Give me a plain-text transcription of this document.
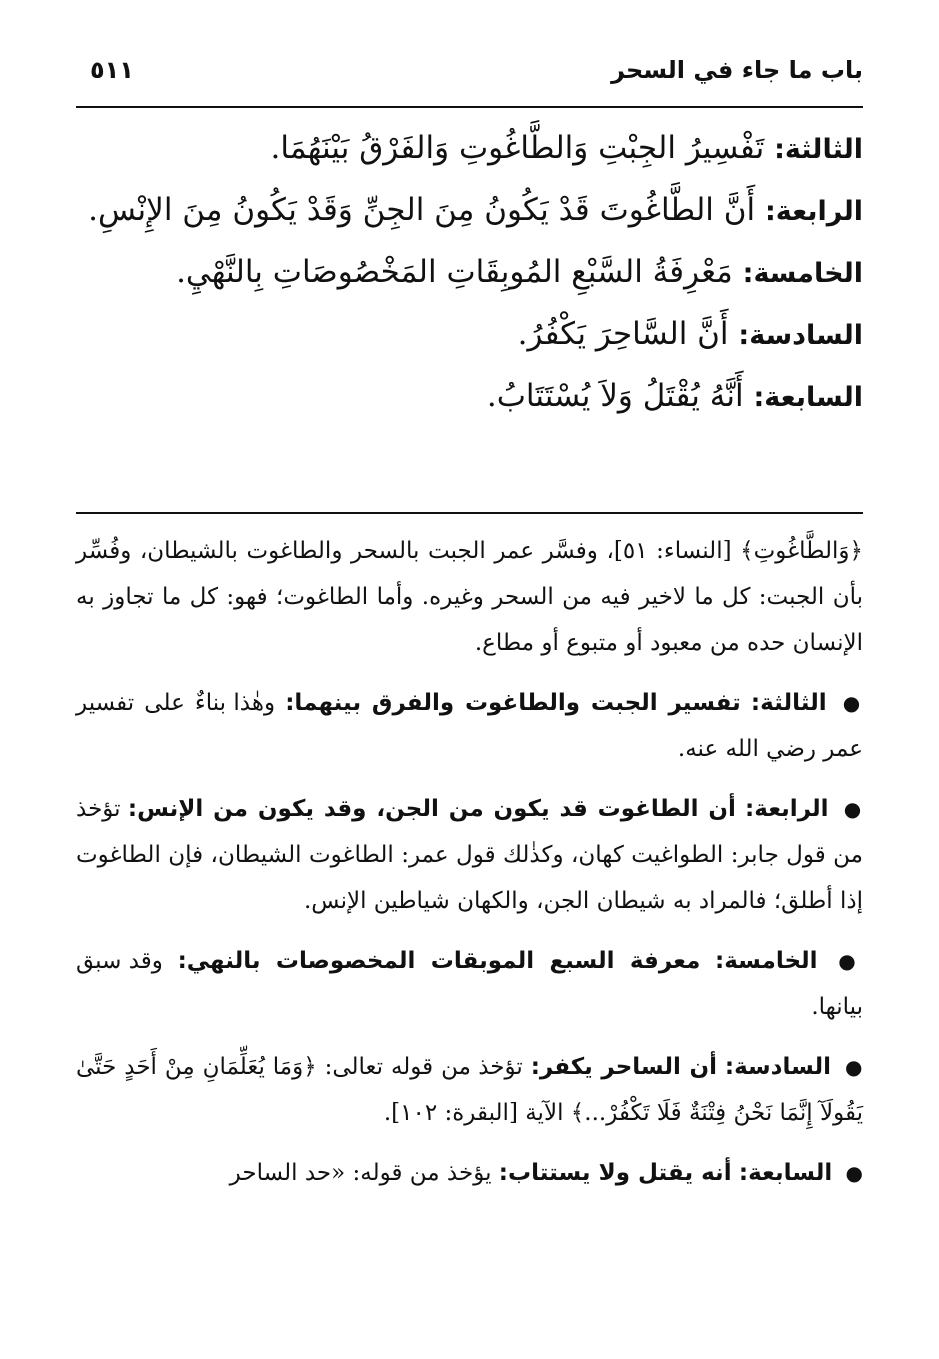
باب ما جاء في السحر
٥١١

الثالثة: تَفْسِيرُ الجِبْتِ وَالطَّاغُوتِ وَالفَرْقُ بَيْنَهُمَا.

الرابعة: أَنَّ الطَّاغُوتَ قَدْ يَكُونُ مِنَ الجِنِّ وَقَدْ يَكُونُ مِنَ الإِنْسِ.

الخامسة: مَعْرِفَةُ السَّبْعِ المُوبِقَاتِ المَخْصُوصَاتِ بِالنَّهْيِ.

السادسة: أَنَّ السَّاحِرَ يَكْفُرُ.

السابعة: أَنَّهُ يُقْتَلُ وَلاَ يُسْتَتَابُ.

﴿وَالطَّاغُوتِ﴾ [النساء: ٥١]، وفسَّر عمر الجبت بالسحر والطاغوت بالشيطان، وفُسِّر بأن الجبت: كل ما لاخير فيه من السحر وغيره. وأما الطاغوت؛ فهو: كل ما تجاوز به الإنسان حده من معبود أو متبوع أو مطاع.

● الثالثة: تفسير الجبت والطاغوت والفرق بينهما: وهٰذا بناءٌ على تفسير عمر رضي الله عنه.

● الرابعة: أن الطاغوت قد يكون من الجن، وقد يكون من الإنس: تؤخذ من قول جابر: الطواغيت كهان، وكذٰلك قول عمر: الطاغوت الشيطان، فإن الطاغوت إذا أطلق؛ فالمراد به شيطان الجن، والكهان شياطين الإنس.

● الخامسة: معرفة السبع الموبقات المخصوصات بالنهي: وقد سبق بيانها.

● السادسة: أن الساحر يكفر: تؤخذ من قوله تعالى: ﴿وَمَا يُعَلِّمَانِ مِنْ أَحَدٍ حَتَّىٰ يَقُولَآ إِنَّمَا نَحْنُ فِتْنَةٌ فَلَا تَكْفُرْ...﴾ الآية [البقرة: ١٠٢].

● السابعة: أنه يقتل ولا يستتاب: يؤخذ من قوله: «حد الساحر
